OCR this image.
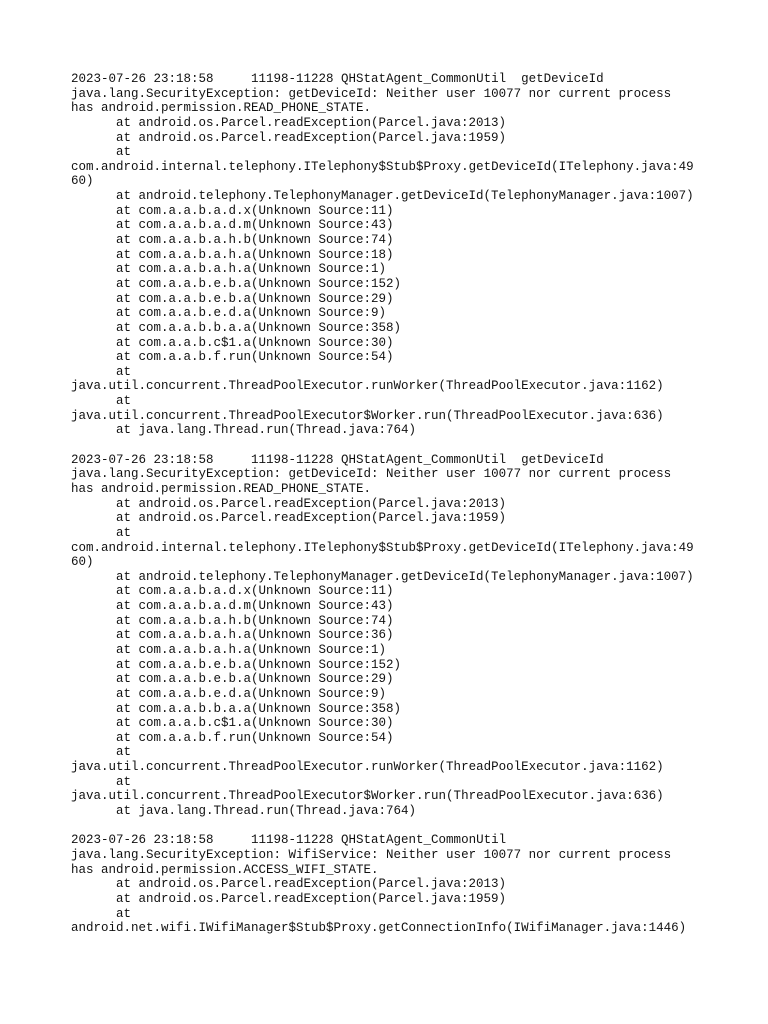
2023-07-26 23:18:58     11198-11228 QHStatAgent_CommonUtil  getDeviceId
java.lang.SecurityException: getDeviceId: Neither user 10077 nor current process
has android.permission.READ_PHONE_STATE.
at android.os.Parcel.readException(Parcel.java:2013)
at android.os.Parcel.readException(Parcel.java:1959)
at
com.android.internal.telephony.ITelephony$Stub$Proxy.getDeviceId(ITelephony.java:49
60)
at android.telephony.TelephonyManager.getDeviceId(TelephonyManager.java:1007)
at com.a.a.b.a.d.x(Unknown Source:11)
at com.a.a.b.a.d.m(Unknown Source:43)
at com.a.a.b.a.h.b(Unknown Source:74)
at com.a.a.b.a.h.a(Unknown Source:18)
at com.a.a.b.a.h.a(Unknown Source:1)
at com.a.a.b.e.b.a(Unknown Source:152)
at com.a.a.b.e.b.a(Unknown Source:29)
at com.a.a.b.e.d.a(Unknown Source:9)
at com.a.a.b.b.a.a(Unknown Source:358)
at com.a.a.b.c$1.a(Unknown Source:30)
at com.a.a.b.f.run(Unknown Source:54)
at
java.util.concurrent.ThreadPoolExecutor.runWorker(ThreadPoolExecutor.java:1162)
at
java.util.concurrent.ThreadPoolExecutor$Worker.run(ThreadPoolExecutor.java:636)
at java.lang.Thread.run(Thread.java:764)
2023-07-26 23:18:58     11198-11228 QHStatAgent_CommonUtil  getDeviceId
java.lang.SecurityException: getDeviceId: Neither user 10077 nor current process
has android.permission.READ_PHONE_STATE.
at android.os.Parcel.readException(Parcel.java:2013)
at android.os.Parcel.readException(Parcel.java:1959)
at
com.android.internal.telephony.ITelephony$Stub$Proxy.getDeviceId(ITelephony.java:49
60)
at android.telephony.TelephonyManager.getDeviceId(TelephonyManager.java:1007)
at com.a.a.b.a.d.x(Unknown Source:11)
at com.a.a.b.a.d.m(Unknown Source:43)
at com.a.a.b.a.h.b(Unknown Source:74)
at com.a.a.b.a.h.a(Unknown Source:36)
at com.a.a.b.a.h.a(Unknown Source:1)
at com.a.a.b.e.b.a(Unknown Source:152)
at com.a.a.b.e.b.a(Unknown Source:29)
at com.a.a.b.e.d.a(Unknown Source:9)
at com.a.a.b.b.a.a(Unknown Source:358)
at com.a.a.b.c$1.a(Unknown Source:30)
at com.a.a.b.f.run(Unknown Source:54)
at
java.util.concurrent.ThreadPoolExecutor.runWorker(ThreadPoolExecutor.java:1162)
at
java.util.concurrent.ThreadPoolExecutor$Worker.run(ThreadPoolExecutor.java:636)
at java.lang.Thread.run(Thread.java:764)
2023-07-26 23:18:58     11198-11228 QHStatAgent_CommonUtil
java.lang.SecurityException: WifiService: Neither user 10077 nor current process
has android.permission.ACCESS_WIFI_STATE.
at android.os.Parcel.readException(Parcel.java:2013)
at android.os.Parcel.readException(Parcel.java:1959)
at
android.net.wifi.IWifiManager$Stub$Proxy.getConnectionInfo(IWifiManager.java:1446)
